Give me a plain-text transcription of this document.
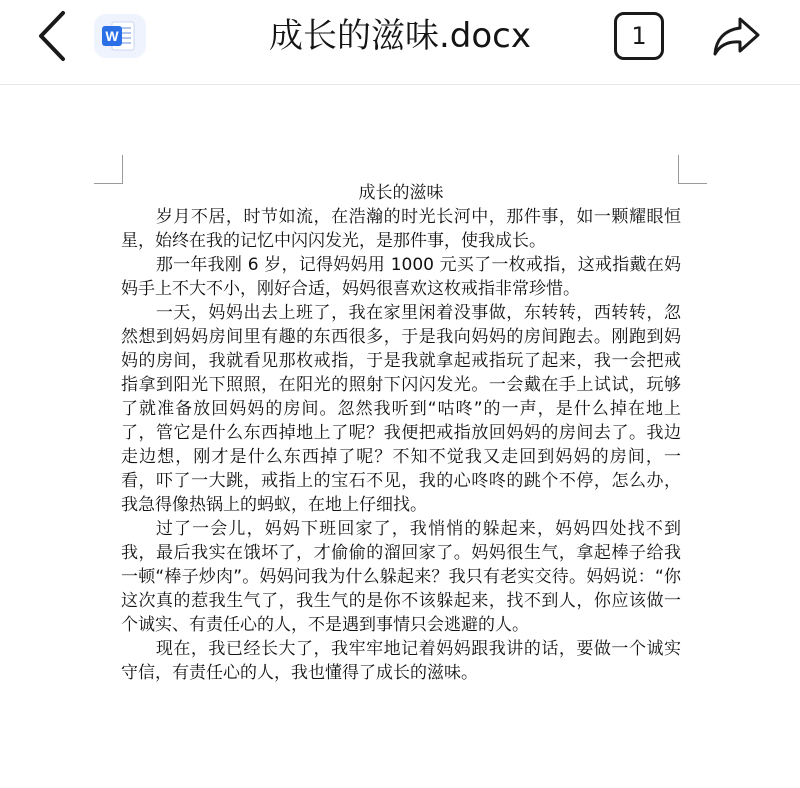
W	成长的滋味.docx	1

成长的滋味

岁月不居，时节如流，在浩瀚的时光长河中，那件事，如一颗耀眼恒星，始终在我的记忆中闪闪发光，是那件事，使我成长。

那一年我刚 6 岁，记得妈妈用 1000 元买了一枚戒指，这戒指戴在妈妈手上不大不小，刚好合适，妈妈很喜欢这枚戒指非常珍惜。

一天，妈妈出去上班了，我在家里闲着没事做，东转转，西转转，忽然想到妈妈房间里有趣的东西很多，于是我向妈妈的房间跑去。刚跑到妈妈的房间，我就看见那枚戒指，于是我就拿起戒指玩了起来，我一会把戒指拿到阳光下照照，在阳光的照射下闪闪发光。一会戴在手上试试，玩够了就准备放回妈妈的房间。忽然我听到“咕咚”的一声，是什么掉在地上了，管它是什么东西掉地上了呢？我便把戒指放回妈妈的房间去了。我边走边想，刚才是什么东西掉了呢？不知不觉我又走回到妈妈的房间，一看，吓了一大跳，戒指上的宝石不见，我的心咚咚的跳个不停，怎么办，我急得像热锅上的蚂蚁，在地上仔细找。

过了一会儿，妈妈下班回家了，我悄悄的躲起来，妈妈四处找不到我，最后我实在饿坏了，才偷偷的溜回家了。妈妈很生气，拿起棒子给我一顿“棒子炒肉”。妈妈问我为什么躲起来？我只有老实交待。妈妈说：“你这次真的惹我生气了，我生气的是你不该躲起来，找不到人，你应该做一个诚实、有责任心的人，不是遇到事情只会逃避的人。

现在，我已经长大了，我牢牢地记着妈妈跟我讲的话，要做一个诚实守信，有责任心的人，我也懂得了成长的滋味。
